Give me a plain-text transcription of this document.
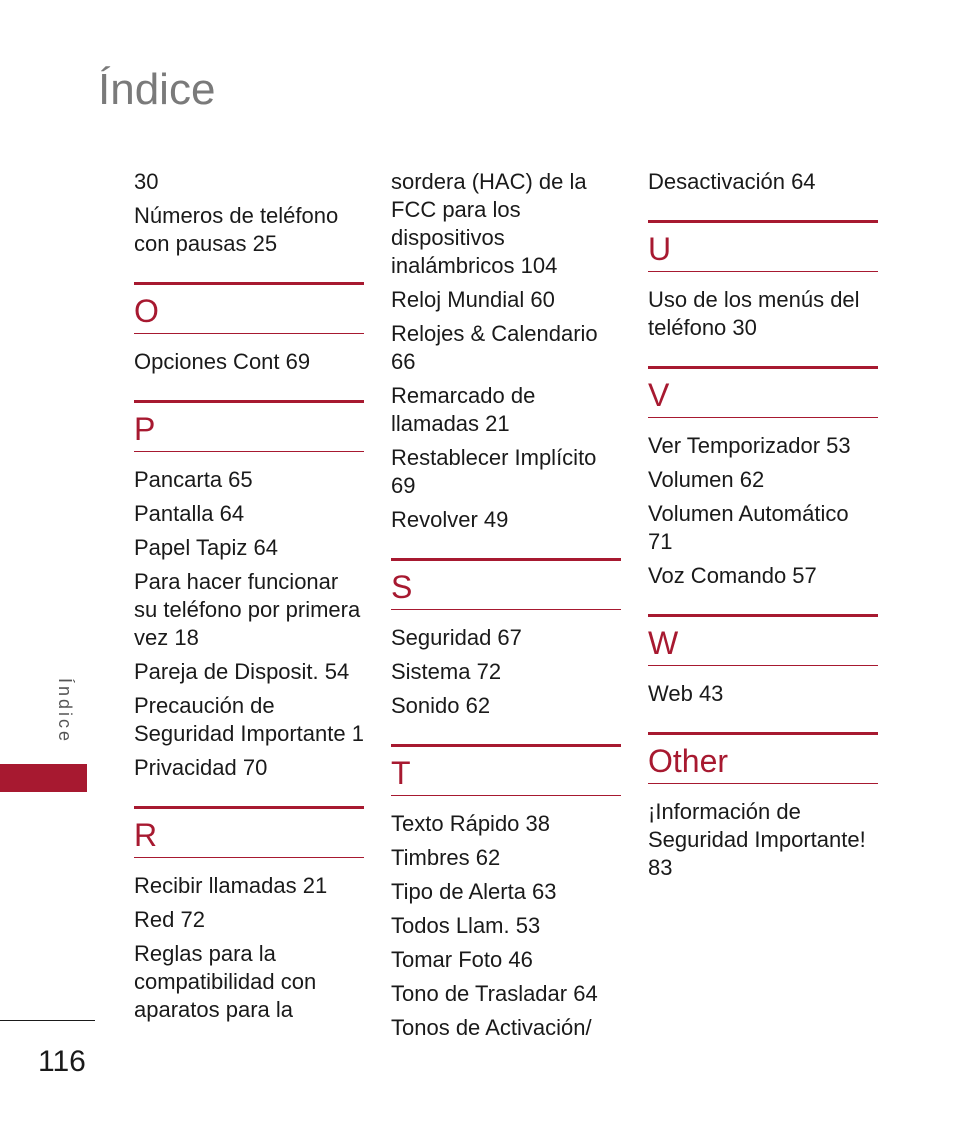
Índice
30
Números de teléfono con pausas 25
O
Opciones Cont 69
P
Pancarta 65
Pantalla 64
Papel Tapiz 64
Para hacer funcionar su teléfono por primera vez 18
Pareja de Disposit. 54
Precaución de Seguridad Importante 1
Privacidad 70
R
Recibir llamadas 21
Red 72
Reglas para la compatibilidad con aparatos para la
sordera (HAC) de la FCC para los dispositivos inalámbricos 104
Reloj Mundial 60
Relojes & Calendario 66
Remarcado de llamadas 21
Restablecer Implícito 69
Revolver 49
S
Seguridad 67
Sistema 72
Sonido 62
T
Texto Rápido 38
Timbres 62
Tipo de Alerta 63
Todos Llam. 53
Tomar Foto 46
Tono de Trasladar 64
Tonos de Activación/
Desactivación 64
U
Uso de los menús del teléfono 30
V
Ver Temporizador 53
Volumen 62
Volumen Automático 71
Voz Comando 57
W
Web 43
Other
¡Información de Seguridad Importante! 83
Índice
116
